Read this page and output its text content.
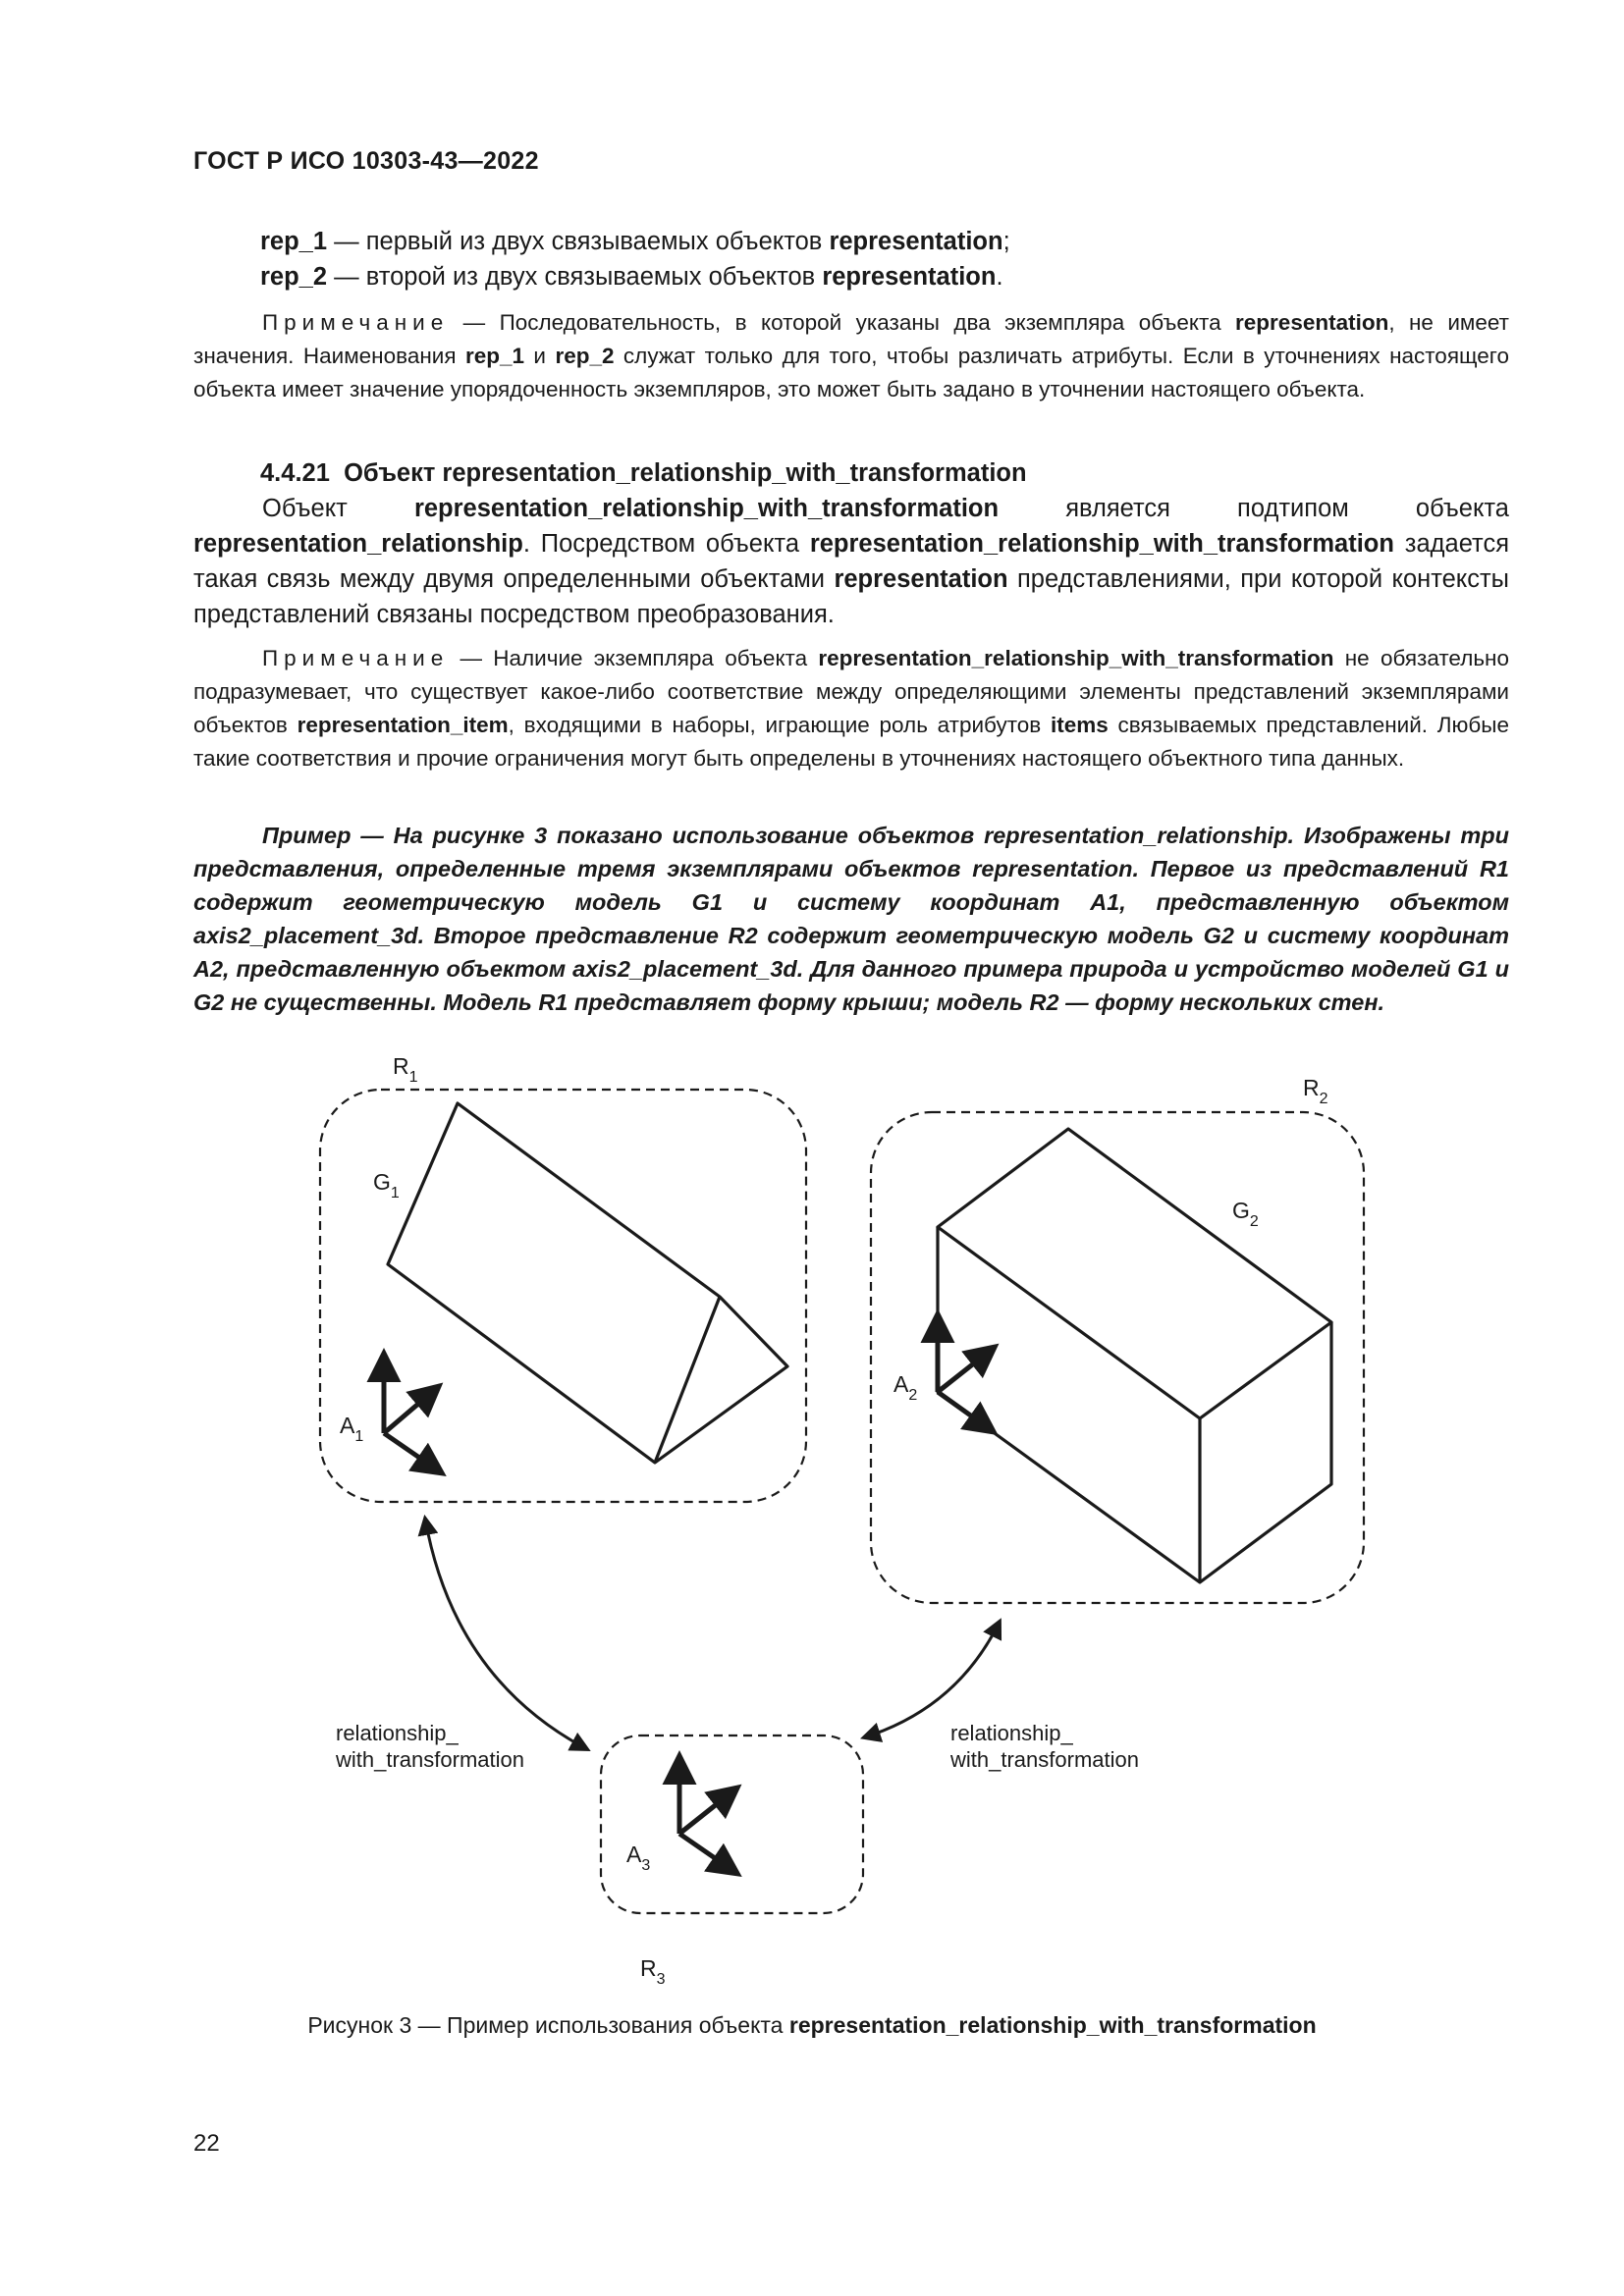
ГОСТ Р ИСО 10303-43—2022
rep_1 — первый из двух связываемых объектов representation;
rep_2 — второй из двух связываемых объектов representation.
Примечание — Последовательность, в которой указаны два экземпляра объекта representation, не имеет значения. Наименования rep_1 и rep_2 служат только для того, чтобы различать атрибуты. Если в уточнениях настоящего объекта имеет значение упорядоченность экземпляров, это может быть задано в уточнении настоящего объекта.
4.4.21 Объект representation_relationship_with_transformation
Объект representation_relationship_with_transformation является подтипом объекта representation_relationship. Посредством объекта representation_relationship_with_transformation задается такая связь между двумя определенными объектами representation представлениями, при которой контексты представлений связаны посредством преобразования.
Примечание — Наличие экземпляра объекта representation_relationship_with_transformation не обязательно подразумевает, что существует какое-либо соответствие между определяющими элементы представлений экземплярами объектов representation_item, входящими в наборы, играющие роль атрибутов items связываемых представлений. Любые такие соответствия и прочие ограничения могут быть определены в уточнениях настоящего объектного типа данных.
Пример — На рисунке 3 показано использование объектов representation_relationship. Изображены три представления, определенные тремя экземплярами объектов representation. Первое из представлений R1 содержит геометрическую модель G1 и систему координат A1, представленную объектом axis2_placement_3d. Второе представление R2 содержит геометрическую модель G2 и систему координат A2, представленную объектом axis2_placement_3d. Для данного примера природа и устройство моделей G1 и G2 не существенны. Модель R1 представляет форму крыши; модель R2 — форму нескольких стен.
$R_1$	$R_2$
$R_3$
$G_1$
$G_2$
$A_1$
$A_2$
$A_3$
relationship_ with_transformation
relationship_ with_transformation
Рисунок 3 — Пример использования объекта representation_relationship_with_transformation
22
